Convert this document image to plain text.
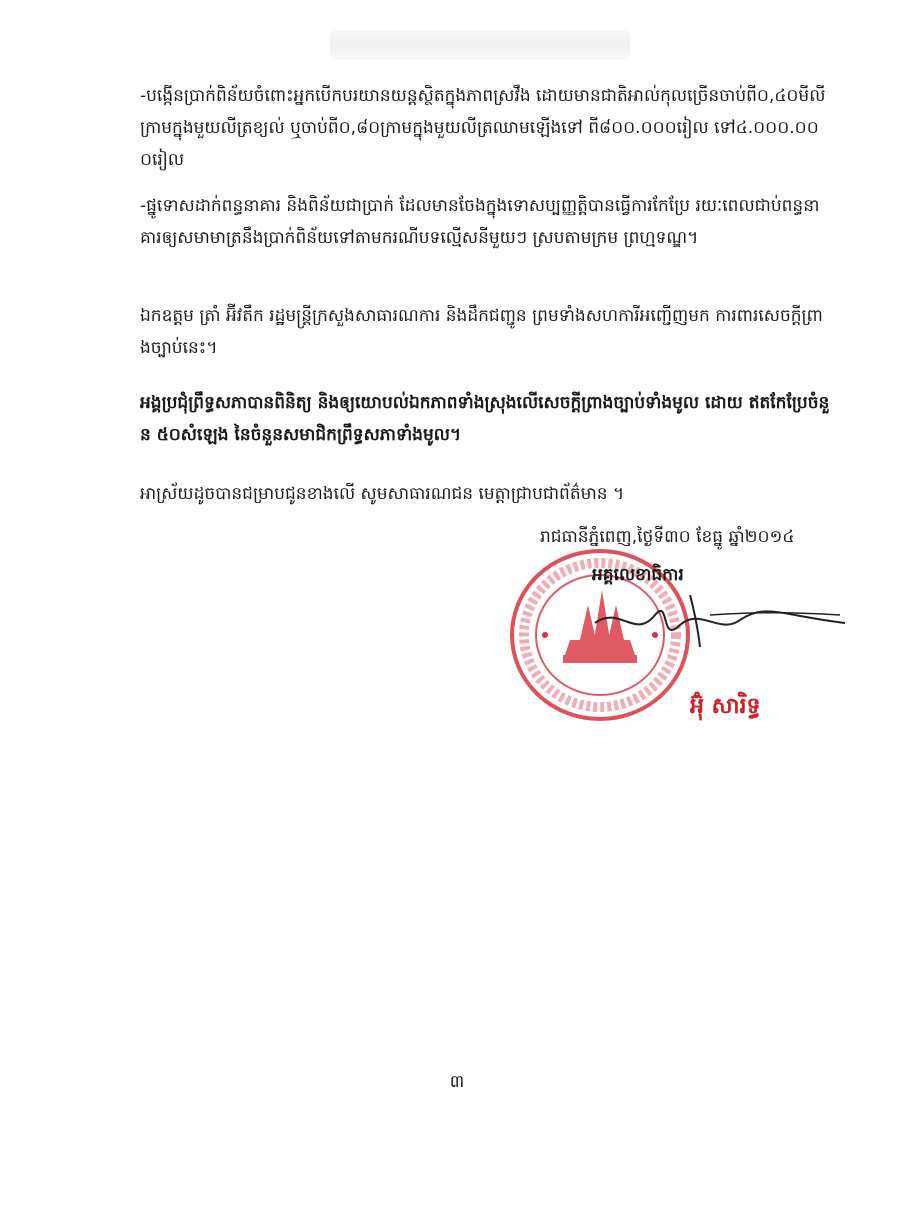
-បង្កើនប្រាក់ពិន័យចំពោះអ្នកបើកបរយានយន្តស្ថិតក្នុងភាពស្រវឹង ដោយមានជាតិអាល់កុលច្រើនចាប់ពី០,៤០មីលីក្រាមក្នុងមួយលីត្រខ្យល់ ឬចាប់ពី០,៨០ក្រាមក្នុងមួយលីត្រឈាមឡើងទៅ ពី៨០០.០០០រៀល ទៅ៤.០០០.០០០រៀល

-ផ្នូទោសដាក់ពន្ធនាគារ និងពិន័យជាប្រាក់ ដែលមានចែងក្នុងទោសប្បញ្ញត្តិបានធ្វើការកែប្រែ រយៈពេលជាប់ពន្ធនាគារឲ្យសមាមាត្រនឹងប្រាក់ពិន័យទៅតាមករណីបទល្មើសនីមួយៗ ស្របតាមក្រម ព្រហ្មទណ្ឌ។

ឯកឧត្តម ត្រាំ អ៊ីវតឹក រដ្ឋមន្ត្រីក្រសួងសាធារណការ និងដឹកជញ្ជូន ព្រមទាំងសហការីអញ្ជើញមក ការពារសេចក្ដីព្រាងច្បាប់នេះ។

អង្គប្រជុំព្រឹទ្ធសភាបានពិនិត្យ និងឲ្យយោបល់ឯកភាពទាំងស្រុងលើសេចក្ដីព្រាងច្បាប់ទាំងមូល ដោយ ឥតកែប្រែចំនួន ៥០សំឡេង នៃចំនួនសមាជិកព្រឹទ្ធសភាទាំងមូល។

អាស្រ័យដូចបានជម្រាបជូនខាងលើ សូមសាធារណជន មេត្តាជ្រាបជាព័ត៌មាន ។

រាជធានីភ្នំពេញ,ថ្ងៃទី៣០ ខែធ្នូ ឆ្នាំ២០១៤
អគ្គលេខាធិការ
អ៊ុំ សារិទ្ធ
៣
